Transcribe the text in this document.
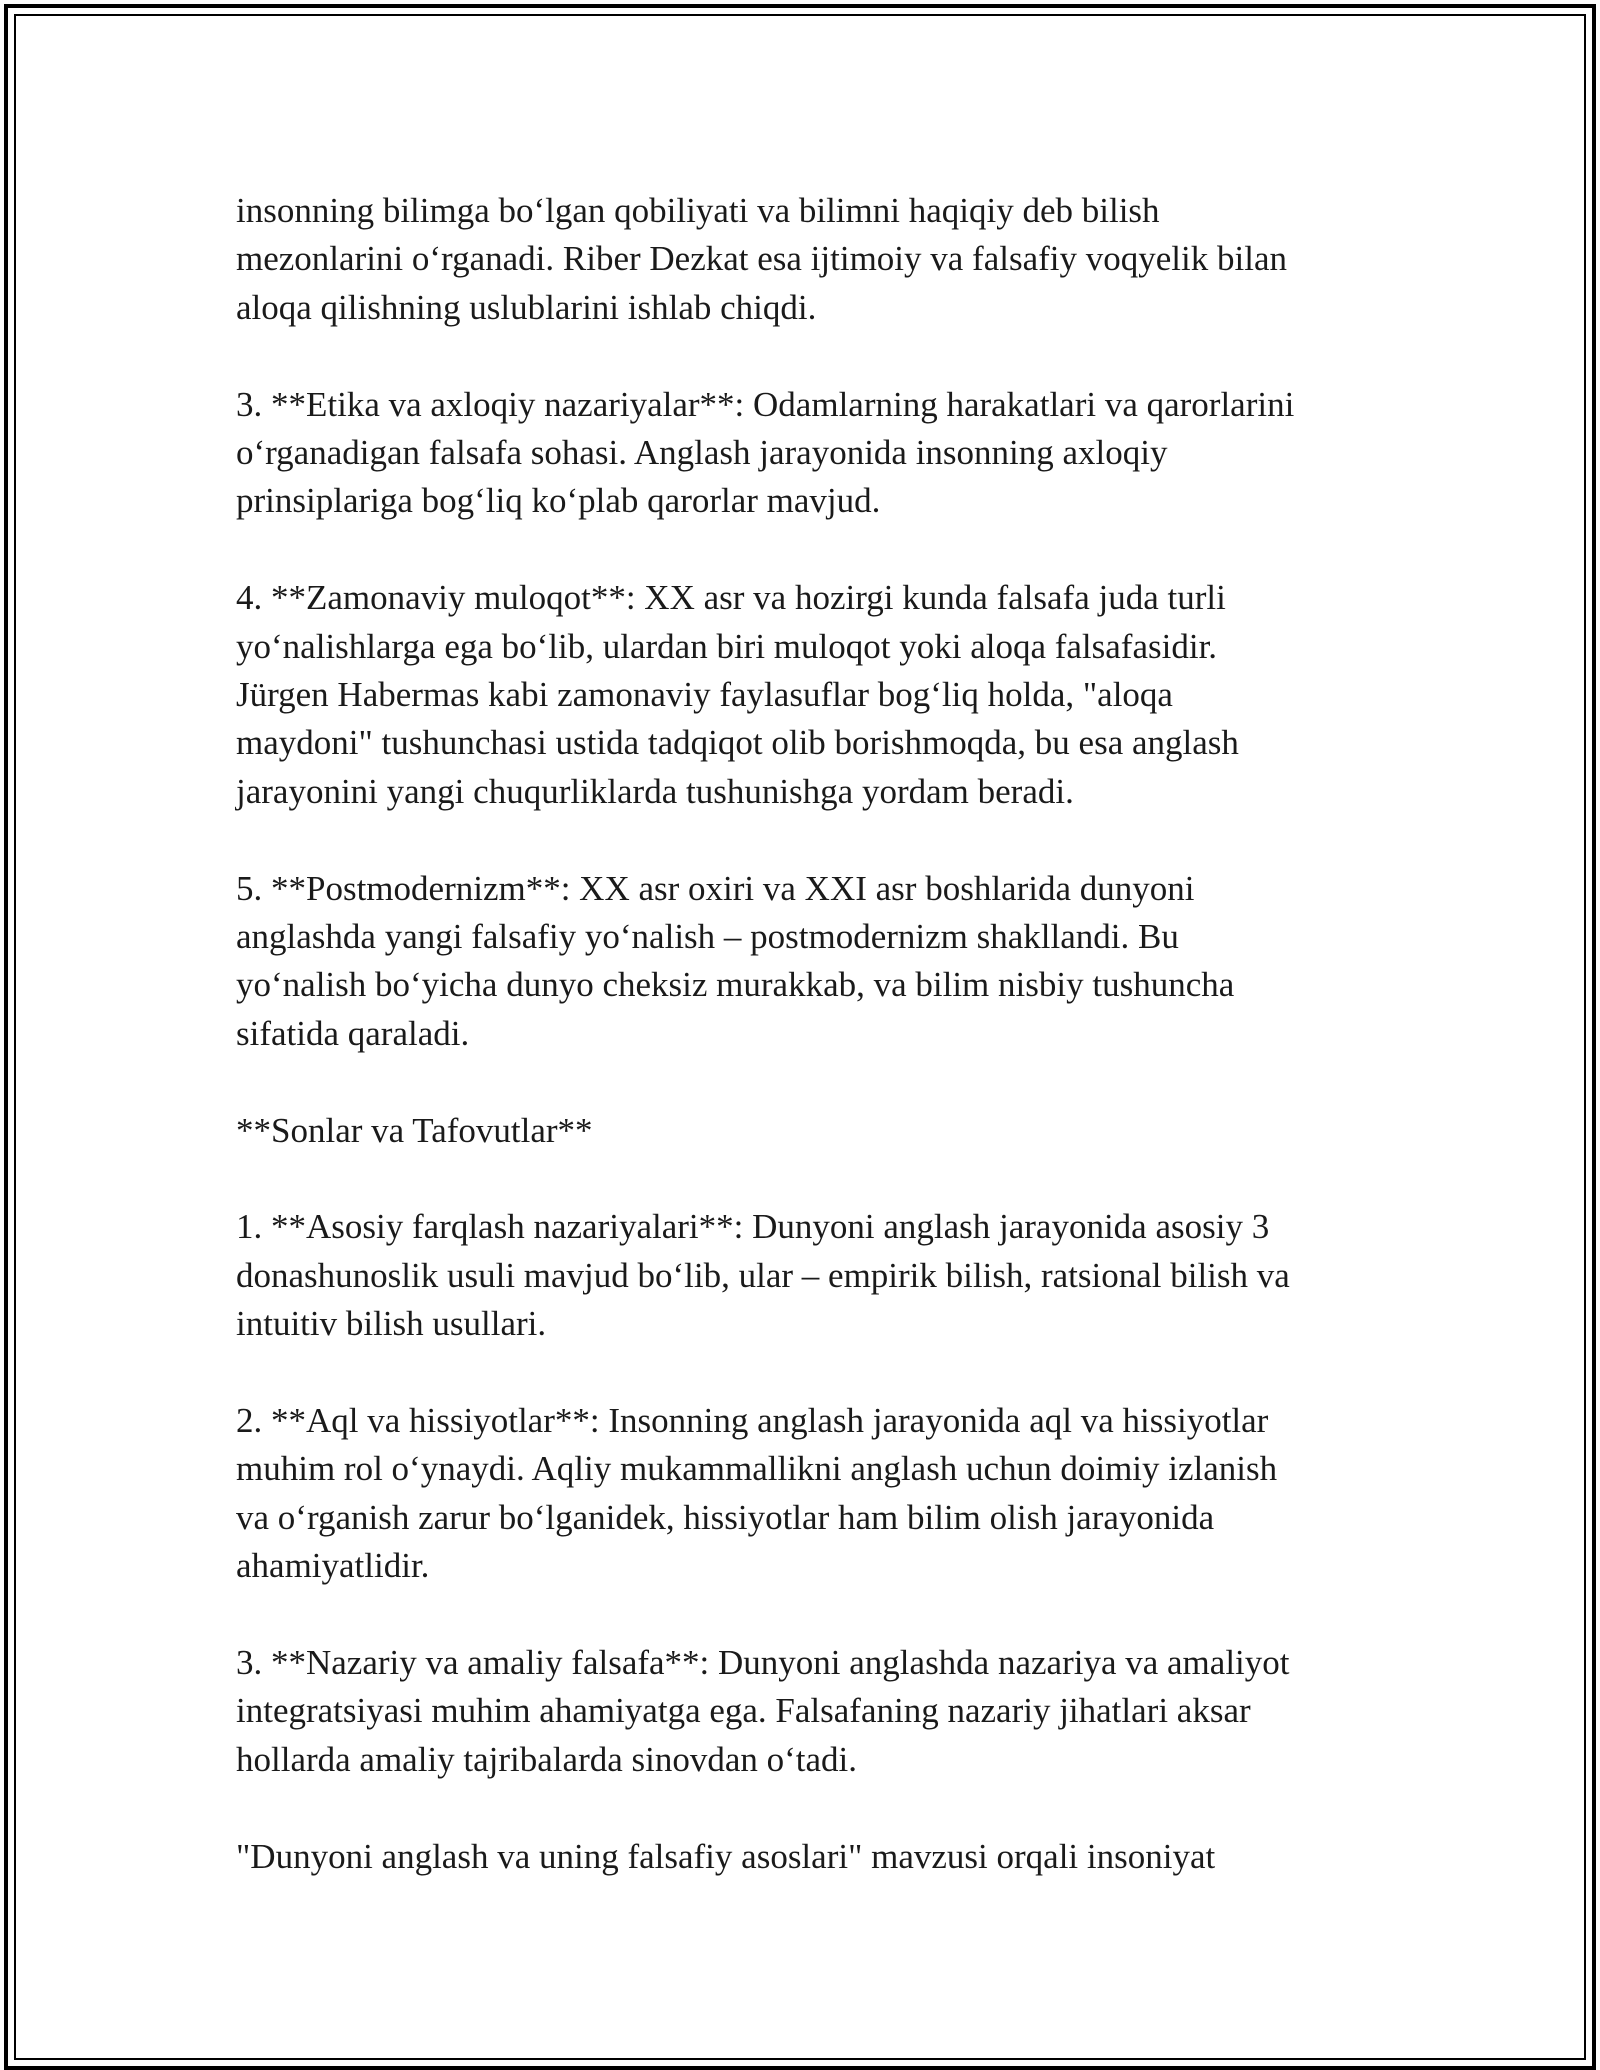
insonning bilimga bo‘lgan qobiliyati va bilimni haqiqiy deb bilish
mezonlarini o‘rganadi. Riber Dezkat esa ijtimoiy va falsafiy voqyelik bilan
aloqa qilishning uslublarini ishlab chiqdi.

3. **Etika va axloqiy nazariyalar**: Odamlarning harakatlari va qarorlarini
o‘rganadigan falsafa sohasi. Anglash jarayonida insonning axloqiy
prinsiplariga bog‘liq ko‘plab qarorlar mavjud.

4. **Zamonaviy muloqot**: XX asr va hozirgi kunda falsafa juda turli
yo‘nalishlarga ega bo‘lib, ulardan biri muloqot yoki aloqa falsafasidir.
Jürgen Habermas kabi zamonaviy faylasuflar bog‘liq holda, "aloqa
maydoni" tushunchasi ustida tadqiqot olib borishmoqda, bu esa anglash
jarayonini yangi chuqurliklarda tushunishga yordam beradi.

5. **Postmodernizm**: XX asr oxiri va XXI asr boshlarida dunyoni
anglashda yangi falsafiy yo‘nalish – postmodernizm shakllandi. Bu
yo‘nalish bo‘yicha dunyo cheksiz murakkab, va bilim nisbiy tushuncha
sifatida qaraladi.

**Sonlar va Tafovutlar**

1. **Asosiy farqlash nazariyalari**: Dunyoni anglash jarayonida asosiy 3
donashunoslik usuli mavjud bo‘lib, ular – empirik bilish, ratsional bilish va
intuitiv bilish usullari.

2. **Aql va hissiyotlar**: Insonning anglash jarayonida aql va hissiyotlar
muhim rol o‘ynaydi. Aqliy mukammallikni anglash uchun doimiy izlanish
va o‘rganish zarur bo‘lganidek, hissiyotlar ham bilim olish jarayonida
ahamiyatlidir.

3. **Nazariy va amaliy falsafa**: Dunyoni anglashda nazariya va amaliyot
integratsiyasi muhim ahamiyatga ega. Falsafaning nazariy jihatlari aksar
hollarda amaliy tajribalarda sinovdan o‘tadi.

"Dunyoni anglash va uning falsafiy asoslari" mavzusi orqali insoniyat
